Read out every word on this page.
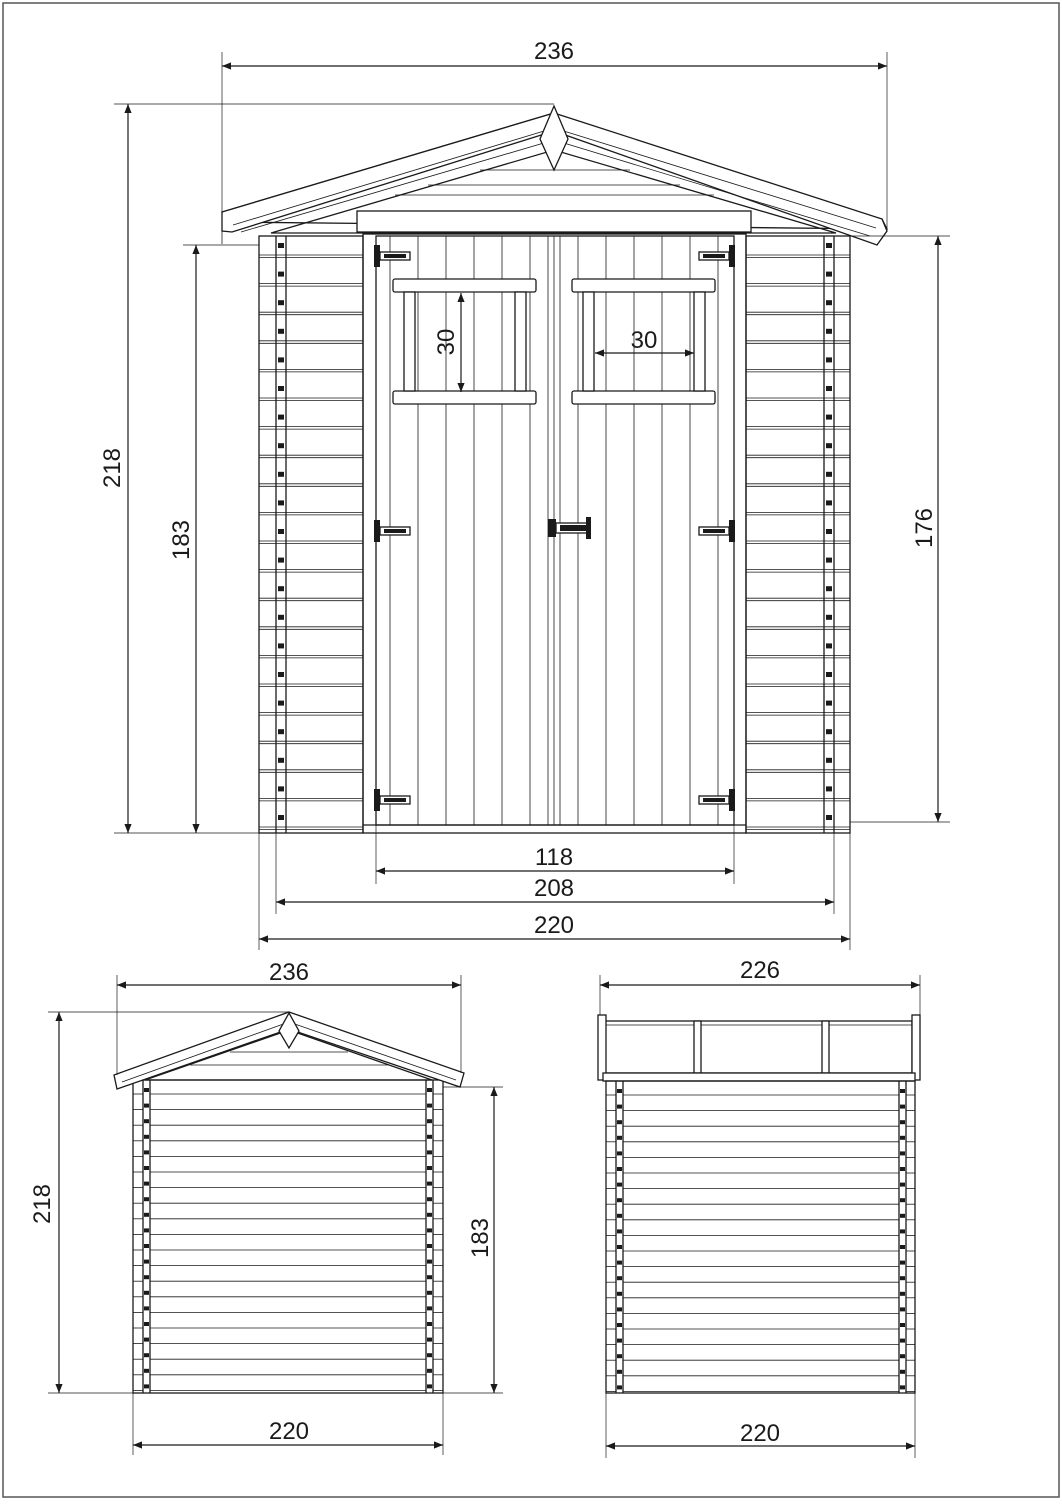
236
218
183	176
30	30
118
208
220
236
218
183
220
226
220
